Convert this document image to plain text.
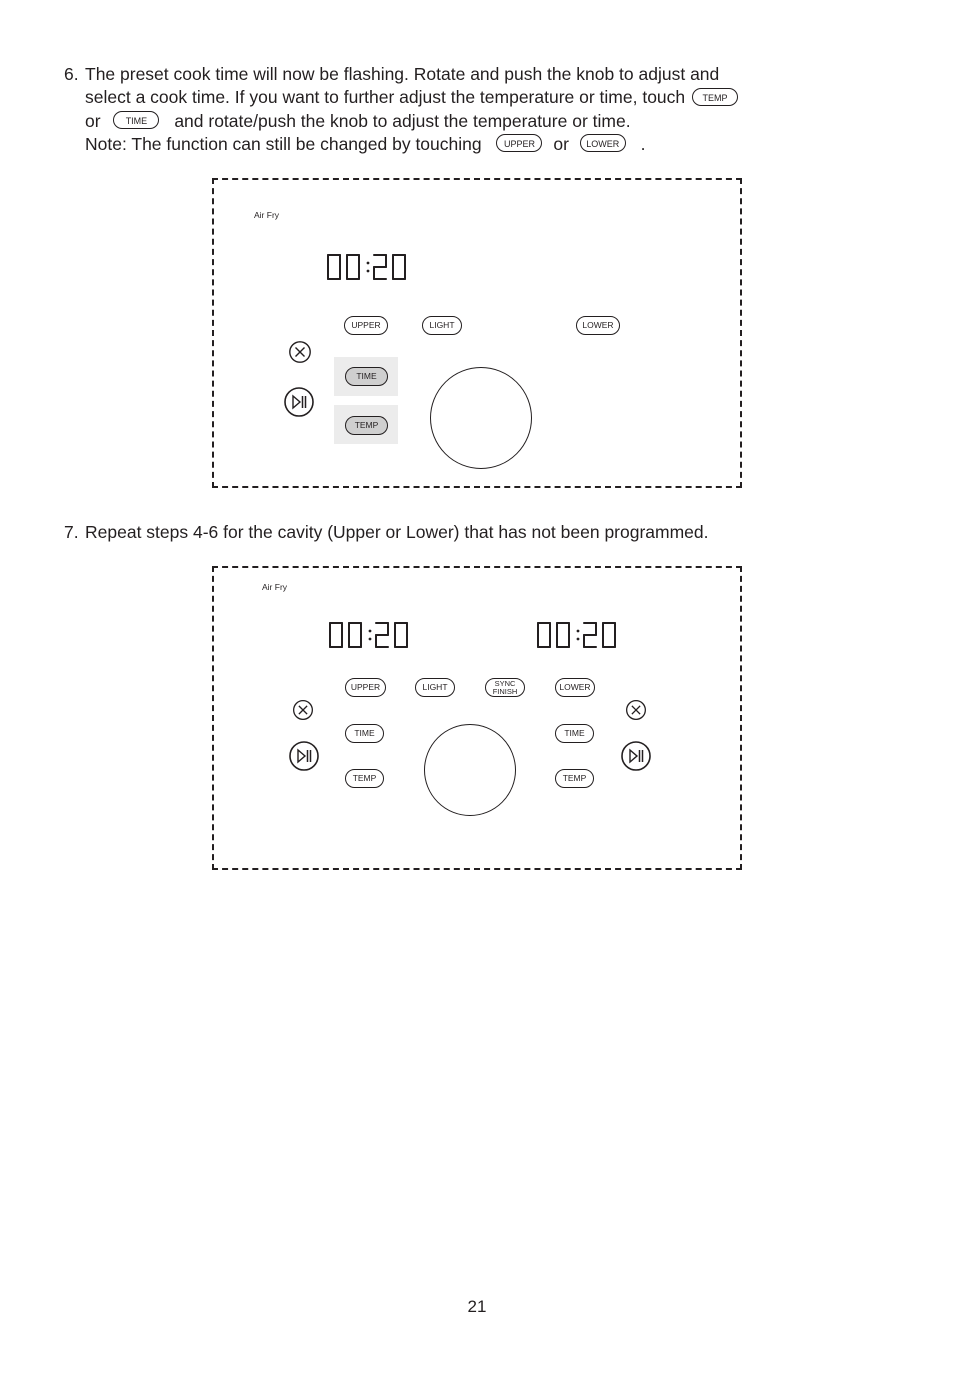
6. The preset cook time will now be flashing. Rotate and push the knob to adjust and
select a cook time. If you want to further adjust the temperature or time, touch TEMP
or	TIME and rotate/push the knob to adjust the temperature or time.
Note: The function can still be changed by touching UPPER or LOWER .
Air Fry
UPPER	LIGHT	LOWER
TIME
TEMP
7. Repeat steps 4-6 for the cavity (Upper or Lower) that has not been programmed.
Air Fry
UPPER	LIGHT	SYNC
FINISH	LOWER
TIME
TEMP
TIME
TEMP
21
